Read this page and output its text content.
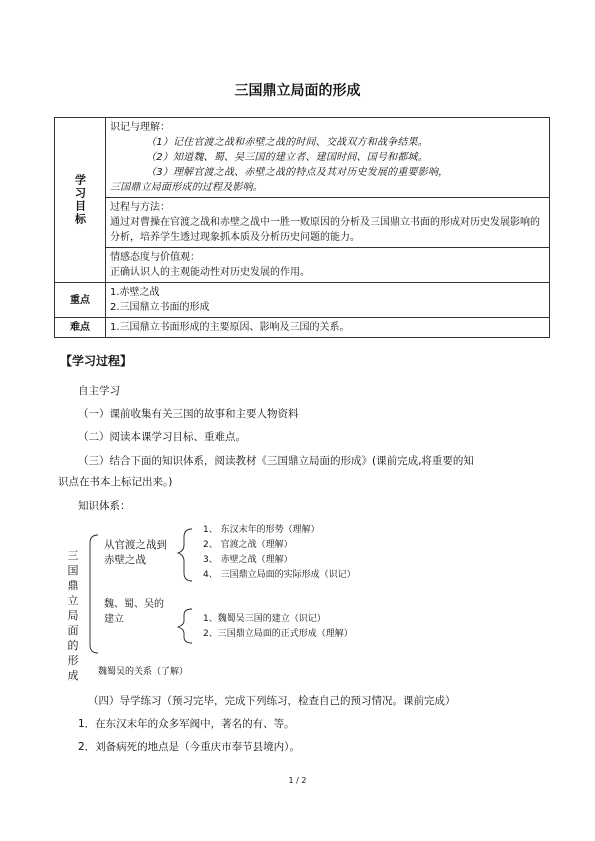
三国鼎立局面的形成
学习目标	识记与理解：
（1）记住官渡之战和赤壁之战的时间、交战双方和战争结果。
（2）知道魏、蜀、吴三国的建立者、建国时间、国号和都城。
（3）理解官渡之战、赤壁之战的特点及其对历史发展的重要影响，
三国鼎立局面形成的过程及影响。

	过程与方法：
通过对曹操在官渡之战和赤壁之战中一胜一败原因的分析及三国鼎立书面的形成对历史发展影响的分析，培养学生透过现象抓本质及分析历史问题的能力。

	情感态度与价值观：
正确认识人的主观能动性对历史发展的作用。

重点	1.赤壁之战
2.三国鼎立书面的形成

难点	1.三国鼎立书面形成的主要原因、影响及三国的关系。
【学习过程】
自主学习
（一）课前收集有关三国的故事和主要人物资料
（二）阅读本课学习目标、重难点。
（三）结合下面的知识体系，阅读教材《三国鼎立局面的形成》(课前完成,将重要的知
识点在书本上标记出来。)
知识体系：
三国鼎立局面的形成
从官渡之战到
赤壁之战
1、 东汉末年的形势（理解）
2、 官渡之战（理解）
3、 赤壁之战（理解）
4、 三国鼎立局面的实际形成（识记）
魏、蜀、吴的
建立	1、魏蜀吴三国的建立（识记）
2、三国鼎立局面的正式形成（理解）
魏蜀吴的关系（了解）
（四）导学练习（预习完毕，完成下列练习，检查自己的预习情况。课前完成）
1．在东汉末年的众多军阀中，著名的有、等。
2．刘备病死的地点是（今重庆市奉节县境内）。
1 / 2
